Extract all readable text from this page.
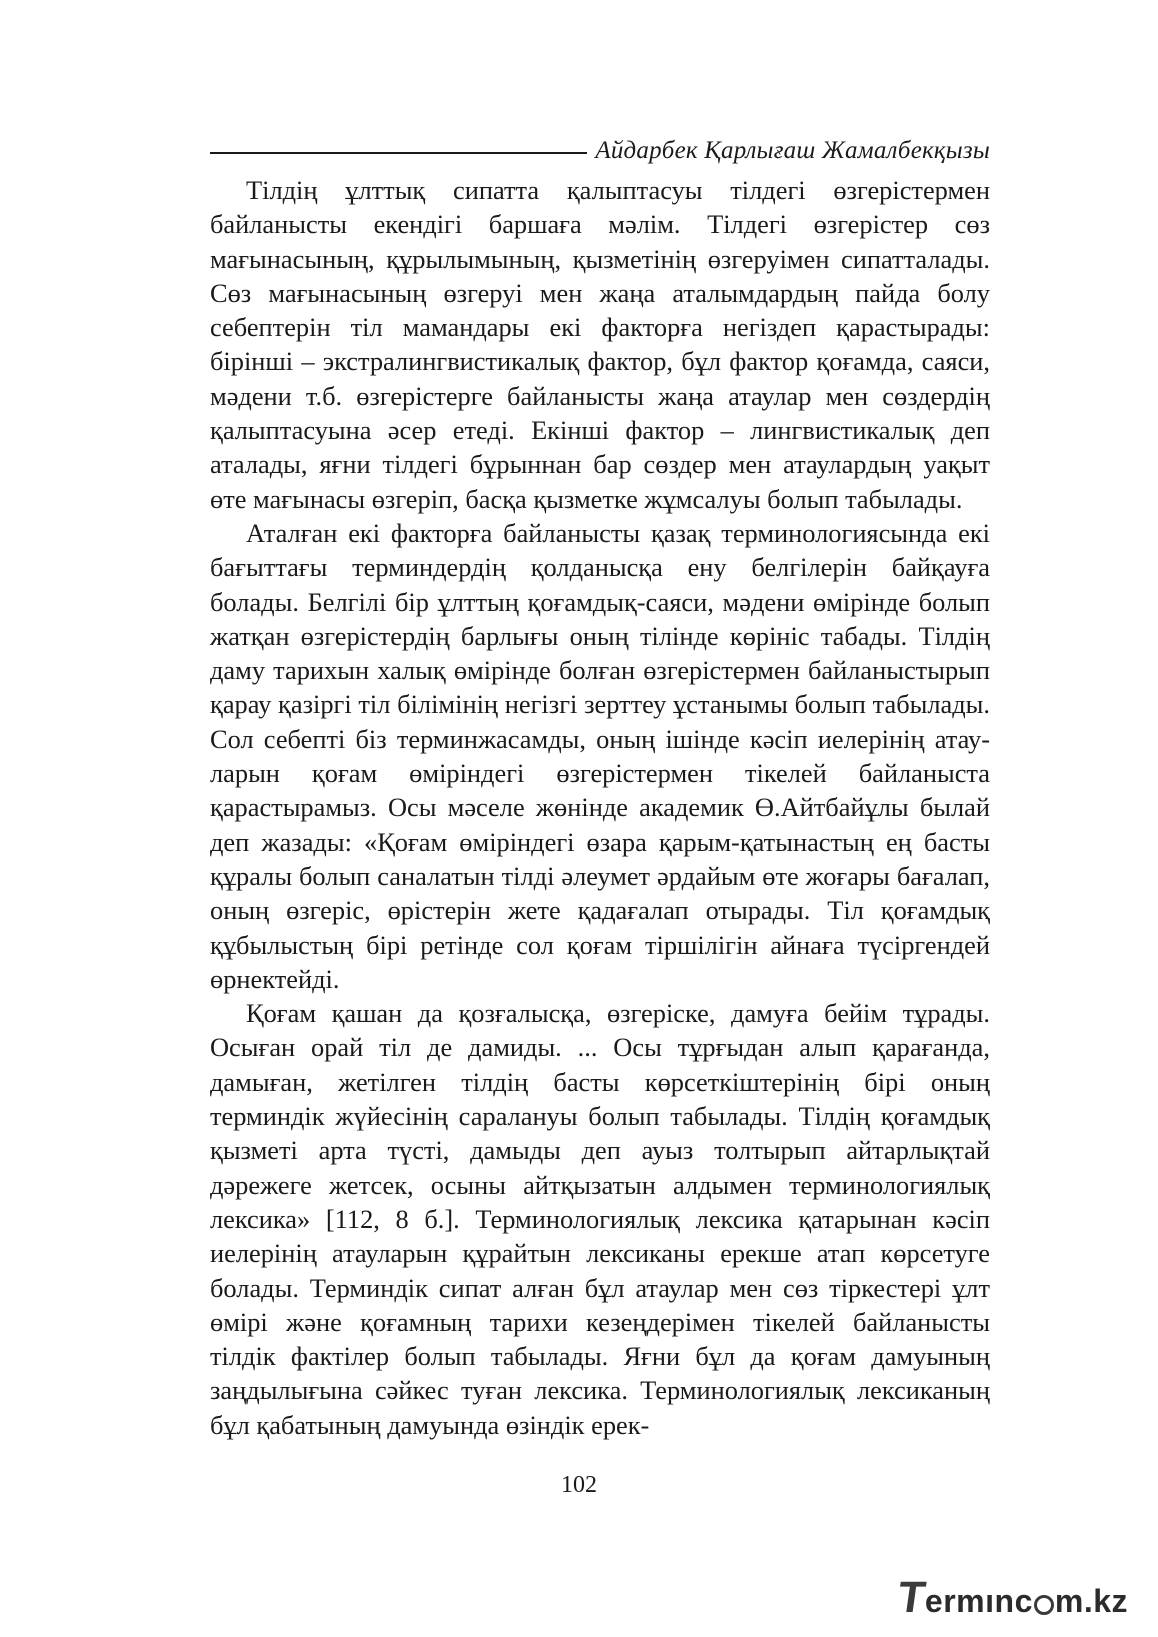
Айдарбек Қарлығаш Жамалбекқызы

Тілдің ұлттық сипатта қалыптасуы тілдегі өзгерістермен байланысты екендігі баршаға мәлім. Тілдегі өзгерістер сөз мағынасының, құрылымының, қызметінің өзгеруімен сипатталады. Сөз мағынасының өзгеруі мен жаңа аталымдардың пайда болу себептерін тіл мамандары екі факторға негіздеп қарастырады: бірінші – экстралингвистикалық фактор, бұл фактор қоғамда, саяси, мәдени т.б. өзгерістерге байланысты жаңа атаулар мен сөздердің қалыптасуына әсер етеді. Екінші фактор – лингвистикалық деп аталады, яғни тілдегі бұрыннан бар сөздер мен атаулардың уақыт өте мағынасы өзгеріп, басқа қызметке жұмсалуы болып табылады.

Аталған екі факторға байланысты қазақ терминологиясында екі бағыттағы терминдердің қолданысқа ену белгілерін байқауға болады. Белгілі бір ұлттың қоғамдық-саяси, мәдени өмірінде болып жатқан өзгерістердің барлығы оның тілінде көрініс табады. Тілдің даму тарихын халық өмірінде болған өзгерістермен байланыстырып қарау қазіргі тіл білімінің негізгі зерттеу ұстанымы болып табылады. Сол себепті біз терминжасамды, оның ішінде кәсіп иелерінің атауларын қоғам өміріндегі өзгерістермен тікелей байланыста қарастырамыз. Осы мәселе жөнінде академик Ө.Айтбайұлы былай деп жазады: «Қоғам өміріндегі өзара қарым-қатынастың ең басты құралы болып саналатын тілді әлеумет әрдайым өте жоғары бағалап, оның өзгеріс, өрістерін жете қадағалап отырады. Тіл қоғамдық құбылыстың бірі ретінде сол қоғам тіршілігін айнаға түсіргендей өрнектейді.

Қоғам қашан да қозғалысқа, өзгеріске, дамуға бейім тұрады. Осыған орай тіл де дамиды. ... Осы тұрғыдан алып қарағанда, дамыған, жетілген тілдің басты көрсеткіштерінің бірі оның терминдік жүйесінің саралануы болып табылады. Тілдің қоғамдық қызметі арта түсті, дамыды деп ауыз толтырып айтарлықтай дәрежеге жетсек, осыны айтқызатын алдымен терминологиялық лексика» [112, 8 б.]. Терминологиялық лексика қатарынан кәсіп иелерінің атауларын құрайтын лексиканы ерекше атап көрсетуге болады. Терминдік сипат алған бұл атаулар мен сөз тіркестері ұлт өмірі және қоғамның тарихи кезеңдерімен тікелей байланысты тілдік фактілер болып табылады. Яғни бұл да қоғам дамуының заңдылығына сәйкес туған лексика. Терминологиялық лексиканың бұл қабатының дамуында өзіндік ерек-

102
T
ermınc m.kz
